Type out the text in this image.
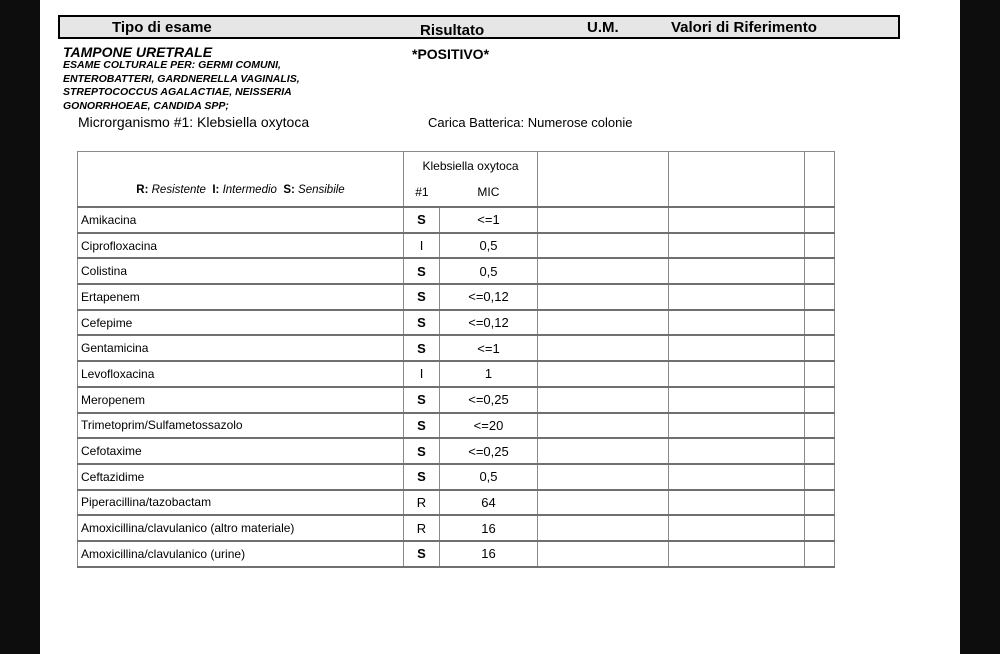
Tipo di esame	Risultato	U.M.	Valori di Riferimento
TAMPONE URETRALE
ESAME COLTURALE PER: GERMI COMUNI,
ENTEROBATTERI, GARDNERELLA VAGINALIS,
STREPTOCOCCUS AGALACTIAE, NEISSERIA
GONORRHOEAE, CANDIDA SPP;
*POSITIVO*
Microrganismo #1: Klebsiella oxytoca	Carica Batterica: Numerose colonie
R: Resistente I: Intermedio S: Sensibile	Klebsiella oxytoca
#1 MIC				

Amikacina	S	<=1			
Ciprofloxacina	I	0,5			
Colistina	S	0,5			
Ertapenem	S	<=0,12			
Cefepime	S	<=0,12			
Gentamicina	S	<=1			
Levofloxacina	I	1			
Meropenem	S	<=0,25			
Trimetoprim/Sulfametossazolo	S	<=20			
Cefotaxime	S	<=0,25			
Ceftazidime	S	0,5			
Piperacillina/tazobactam	R	64			
Amoxicillina/clavulanico (altro materiale)	R	16			
Amoxicillina/clavulanico (urine)	S	16			
